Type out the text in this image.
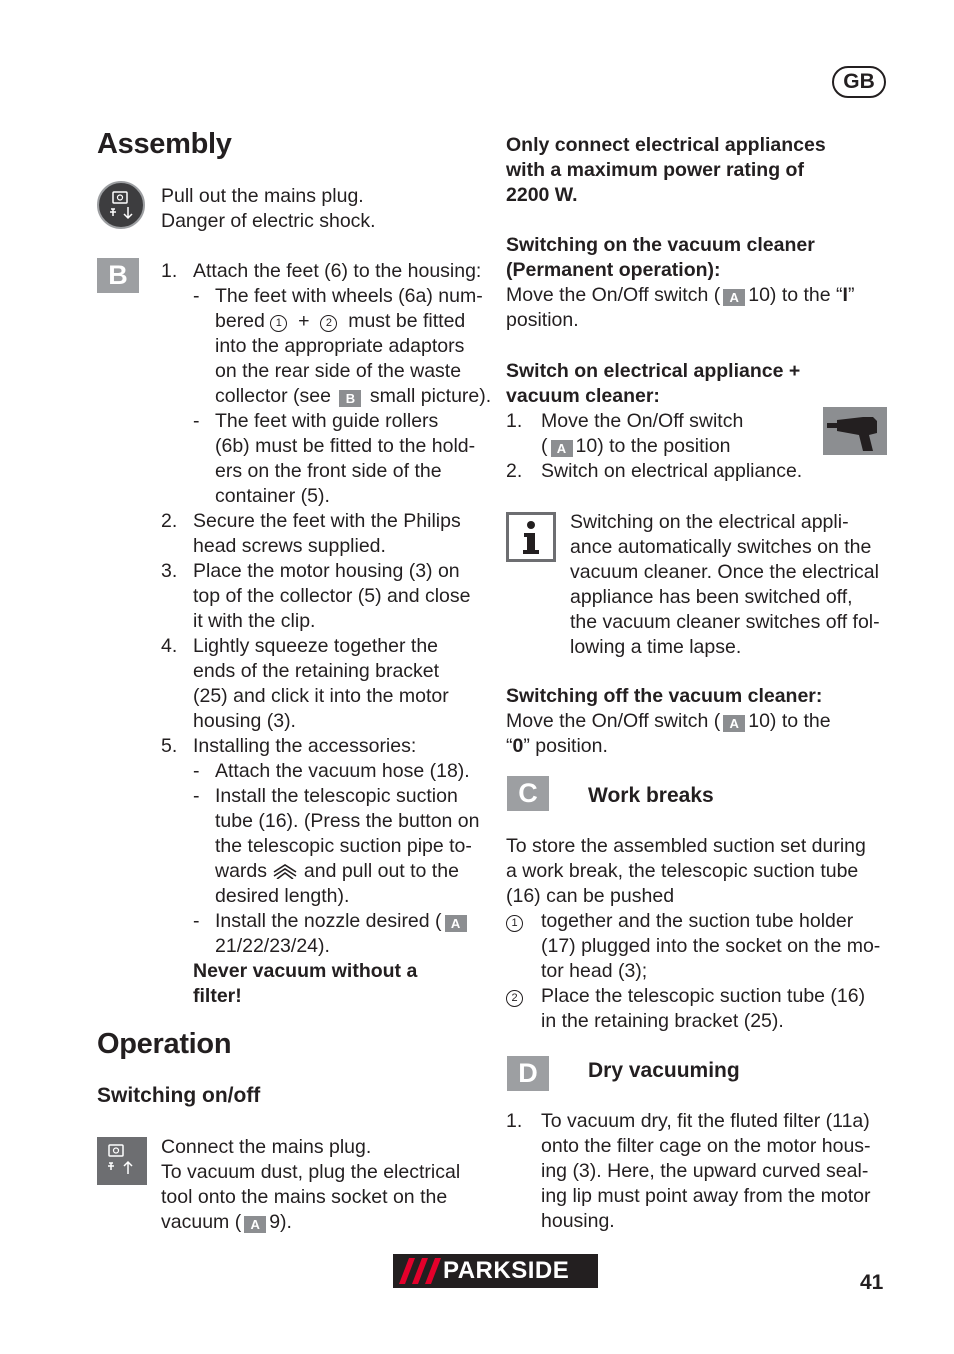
GB
Assembly
Pull out the mains plug.
Danger of electric shock.
B	1. Attach the feet (6) to the housing:
- The feet with wheels (6a) num-
bered 1 + 2 must be fitted
into the appropriate adaptors
on the rear side of the waste
collector (see B small picture).
- The feet with guide rollers
(6b) must be fitted to the hold-
ers on the front side of the
container (5).
2. Secure the feet with the Philips
head screws supplied.
3. Place the motor housing (3) on
top of the collector (5) and close
it with the clip.
4. Lightly squeeze together the
ends of the retaining bracket
(25) and click it into the motor
housing (3).
5. Installing the accessories:
- Attach the vacuum hose (18).
- Install the telescopic suction
tube (16). (Press the button on
the telescopic suction pipe to-
wards and pull out to the
desired length).
- Install the nozzle desired ( A
21/22/23/24).
Never vacuum without a
filter!
Operation
Switching on/off
Connect the mains plug.
To vacuum dust, plug the electrical
tool onto the mains socket on the
vacuum ( A 9).
Only connect electrical appliances
with a maximum power rating of
2200 W.
Switching on the vacuum cleaner
(Permanent operation):
Move the On/Off switch ( A 10) to the “I”
position.
Switch on electrical appliance +
vacuum cleaner:
1. Move the On/Off switch
( A 10) to the position
2. Switch on electrical appliance.
Switching on the electrical appli-
ance automatically switches on the
vacuum cleaner. Once the electrical
appliance has been switched off,
the vacuum cleaner switches off fol-
lowing a time lapse.
Switching off the vacuum cleaner:
Move the On/Off switch ( A 10) to the
“0” position.
C	Work breaks
To store the assembled suction set during
a work break, the telescopic suction tube
(16) can be pushed
1 together and the suction tube holder
(17) plugged into the socket on the mo-
tor head (3);
2 Place the telescopic suction tube (16)
in the retaining bracket (25).
D	Dry vacuuming
1. To vacuum dry, fit the fluted filter (11a)
onto the filter cage on the motor hous-
ing (3). Here, the upward curved seal-
ing lip must point away from the motor
housing.
PARKSIDE	41
